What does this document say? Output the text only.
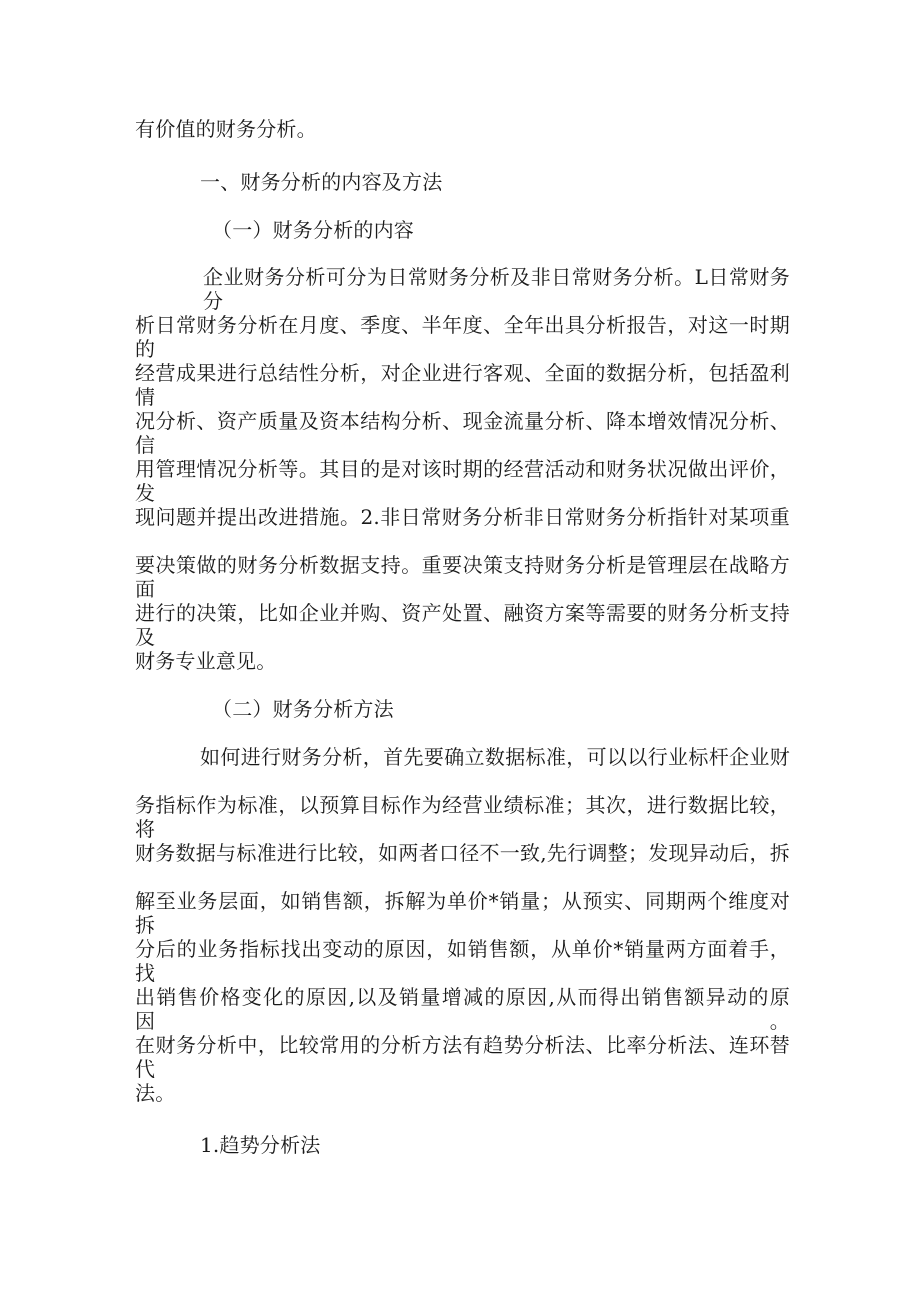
有价值的财务分析。
一、财务分析的内容及方法
（一）财务分析的内容
企业财务分析可分为日常财务分析及非日常财务分析。L日常财务分
析日常财务分析在月度、季度、半年度、全年出具分析报告，对这一时期的
经营成果进行总结性分析，对企业进行客观、全面的数据分析，包括盈利情
况分析、资产质量及资本结构分析、现金流量分析、降本增效情况分析、信
用管理情况分析等。其目的是对该时期的经营活动和财务状况做出评价，发
现问题并提出改进措施。2.非日常财务分析非日常财务分析指针对某项重
要决策做的财务分析数据支持。重要决策支持财务分析是管理层在战略方面
进行的决策，比如企业并购、资产处置、融资方案等需要的财务分析支持及
财务专业意见。
（二）财务分析方法
如何进行财务分析，首先要确立数据标准，可以以行业标杆企业财
务指标作为标准，以预算目标作为经营业绩标准；其次，进行数据比较，将
财务数据与标准进行比较，如两者口径不一致,先行调整；发现异动后，拆
解至业务层面，如销售额，拆解为单价*销量；从预实、同期两个维度对拆
分后的业务指标找出变动的原因，如销售额，从单价*销量两方面着手，找
出销售价格变化的原因,以及销量增减的原因,从而得出销售额异动的原因。
在财务分析中，比较常用的分析方法有趋势分析法、比率分析法、连环替代
法。
1.趋势分析法
